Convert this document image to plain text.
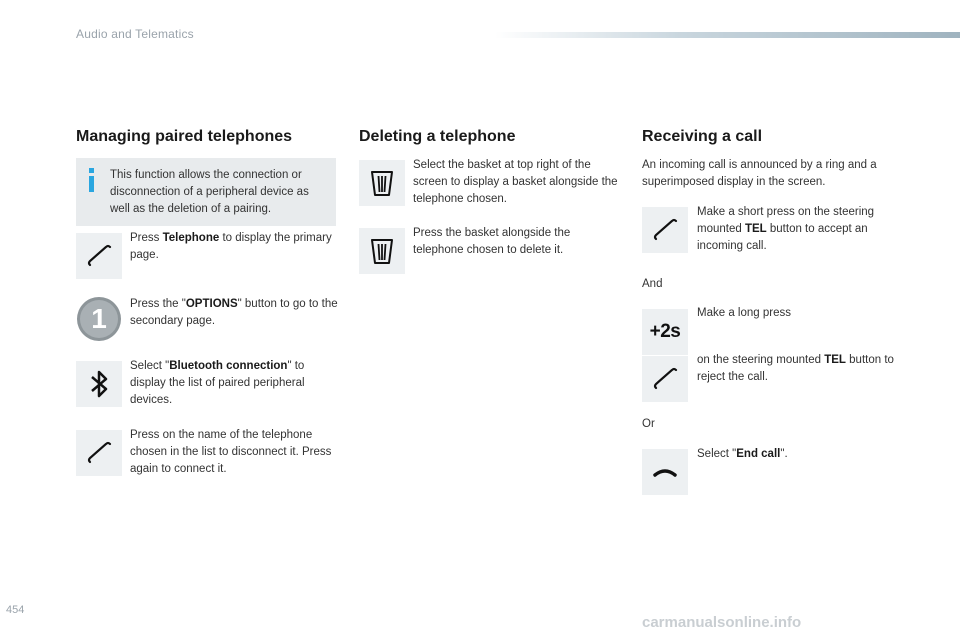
Audio and Telematics
Managing paired telephones
This function allows the connection or disconnection of a peripheral device as well as the deletion of a pairing.
Press Telephone to display the primary page.
1	Press the "OPTIONS" button to go to the secondary page.
Select "Bluetooth connection" to display the list of paired peripheral devices.
Press on the name of the telephone chosen in the list to disconnect it. Press again to connect it.
Deleting a telephone
Select the basket at top right of the screen to display a basket alongside the telephone chosen.
Press the basket alongside the telephone chosen to delete it.
Receiving a call
An incoming call is announced by a ring and a superimposed display in the screen.
Make a short press on the steering mounted TEL button to accept an incoming call.
And
+2s
Make a long press
on the steering mounted TEL button to reject the call.
Or
Select "End call".
454
carmanualsonline.info
